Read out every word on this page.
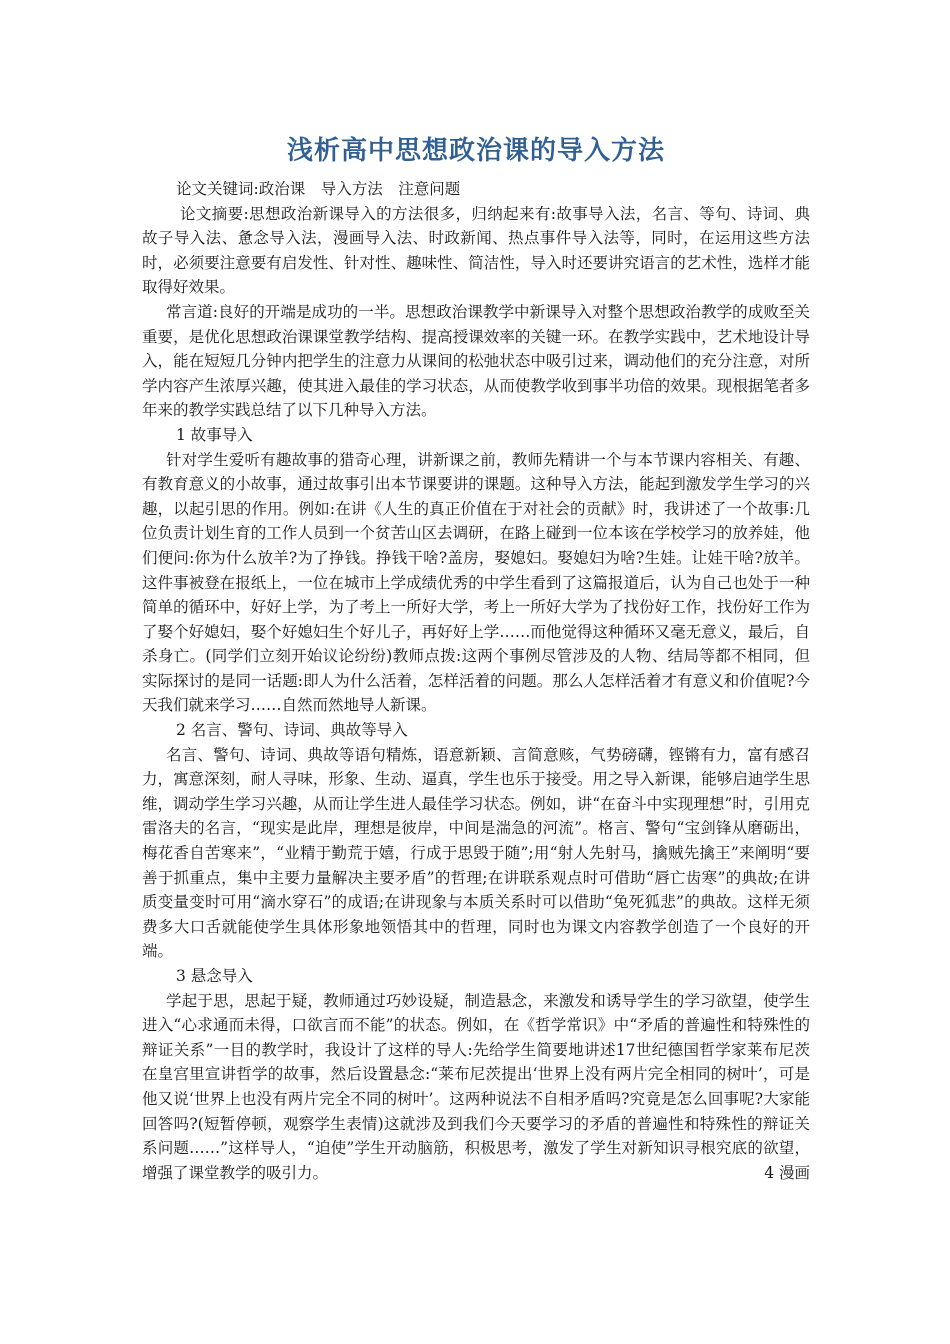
浅析高中思想政治课的导入方法

论文关键词:政治课　导入方法　注意问题

论文摘要:思想政治新课导入的方法很多，归纳起来有:故事导入法，名言、等句、诗词、典故子导入法、惫念导入法，漫画导入法、时政新闻、热点事件导入法等，同时，在运用这些方法时，必须要注意要有启发性、针对性、趣味性、简洁性，导入时还要讲究语言的艺术性，选样才能取得好效果。

常言道:良好的开端是成功的一半。思想政治课教学中新课导入对整个思想政治教学的成败至关重要，是优化思想政治课课堂教学结构、提高授课效率的关键一环。在教学实践中，艺术地设计导入，能在短短几分钟内把学生的注意力从课间的松弛状态中吸引过来，调动他们的充分注意，对所学内容产生浓厚兴趣，使其进入最佳的学习状态，从而使教学收到事半功倍的效果。现根据笔者多年来的教学实践总结了以下几种导入方法。

1 故事导入

针对学生爱听有趣故事的猎奇心理，讲新课之前，教师先精讲一个与本节课内容相关、有趣、有教育意义的小故事，通过故事引出本节课要讲的课题。这种导入方法，能起到激发学生学习的兴趣，以起引思的作用。例如:在讲《人生的真正价值在于对社会的贡献》时，我讲述了一个故事:几位负责计划生育的工作人员到一个贫苦山区去调研，在路上碰到一位本该在学校学习的放养娃，他们便问:你为什么放羊?为了挣钱。挣钱干啥?盖房，娶媳妇。娶媳妇为啥?生娃。让娃干啥?放羊。这件事被登在报纸上，一位在城市上学成绩优秀的中学生看到了这篇报道后，认为自己也处于一种简单的循环中，好好上学，为了考上一所好大学，考上一所好大学为了找份好工作，找份好工作为了娶个好媳妇，娶个好媳妇生个好儿子，再好好上学……而他觉得这种循环又毫无意义，最后，自杀身亡。(同学们立刻开始议论纷纷)教师点拨:这两个事例尽管涉及的人物、结局等都不相同，但实际探讨的是同一话题:即人为什么活着，怎样活着的问题。那么人怎样活着才有意义和价值呢?今天我们就来学习……自然而然地导人新课。

2 名言、警句、诗词、典故等导入

名言、警句、诗词、典故等语句精炼，语意新颖、言简意赅，气势磅礴，铿锵有力，富有感召力，寓意深刻，耐人寻味，形象、生动、逼真，学生也乐于接受。用之导入新课，能够启迪学生思维，调动学生学习兴趣，从而让学生进人最佳学习状态。例如，讲“在奋斗中实现理想”时，引用克雷洛夫的名言，“现实是此岸，理想是彼岸，中间是湍急的河流”。格言、警句“宝剑锋从磨砺出，梅花香自苦寒来”，“业精于勤荒于嬉，行成于思毁于随”;用“射人先射马，擒贼先擒王”来阐明“要善于抓重点，集中主要力量解决主要矛盾”的哲理;在讲联系观点时可借助“唇亡齿寒”的典故;在讲质变量变时可用“滴水穿石”的成语;在讲现象与本质关系时可以借助“兔死狐悲”的典故。这样无须费多大口舌就能使学生具体形象地领悟其中的哲理，同时也为课文内容教学创造了一个良好的开端。

3 悬念导入

学起于思，思起于疑，教师通过巧妙设疑，制造悬念，来激发和诱导学生的学习欲望，使学生进入“心求通而未得，口欲言而不能”的状态。例如，在《哲学常识》中“矛盾的普遍性和特殊性的辩证关系”一目的教学时，我设计了这样的导人:先给学生简要地讲述17世纪德国哲学家莱布尼茨在皇宫里宣讲哲学的故事，然后设置悬念:“莱布尼茨提出‘世界上没有两片完全相同的树叶’，可是他又说‘世界上也没有两片完全不同的树叶’。这两种说法不自相矛盾吗?究竟是怎么回事呢?大家能回答吗?(短暂停顿，观察学生表情)这就涉及到我们今天要学习的矛盾的普遍性和特殊性的辩证关系问题……”这样导人，“迫使”学生开动脑筋，积极思考，激发了学生对新知识寻根究底的欲望，增强了课堂教学的吸引力。	4 漫画
